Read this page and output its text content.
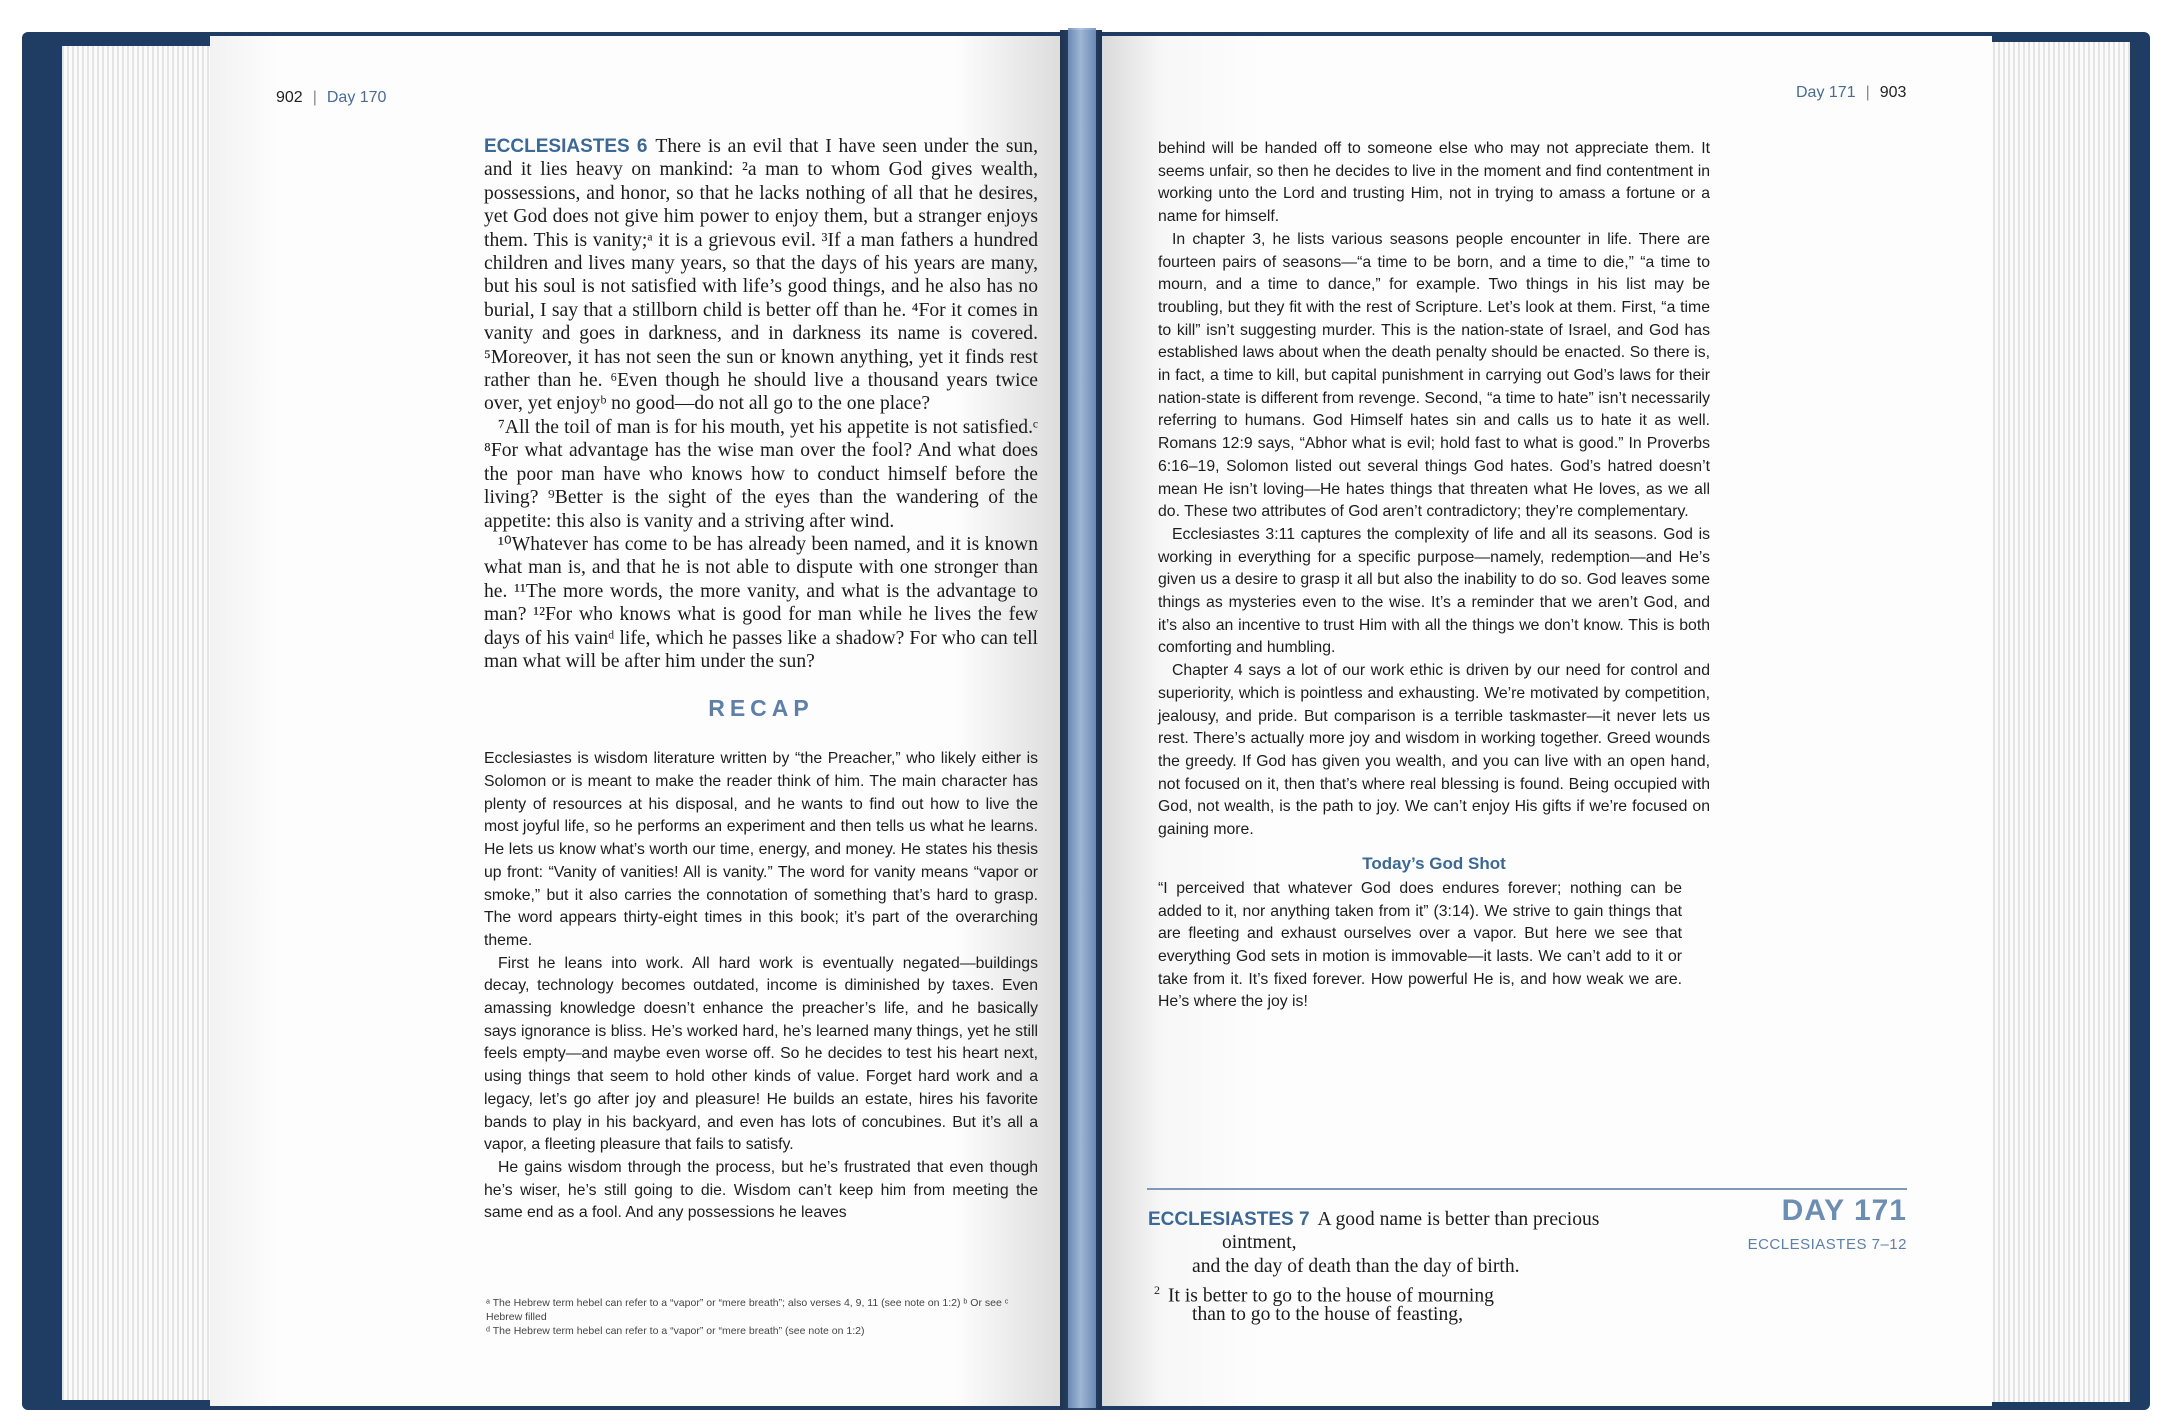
902 | Day 170

ECCLESIASTES 6 There is an evil that I have seen under the sun, and it lies heavy on mankind: ²a man to whom God gives wealth, possessions, and honor, so that he lacks nothing of all that he desires, yet God does not give him power to enjoy them, but a stranger enjoys them. This is vanity;ᵃ it is a grievous evil. ³If a man fathers a hundred children and lives many years, so that the days of his years are many, but his soul is not satisfied with life’s good things, and he also has no burial, I say that a stillborn child is better off than he. ⁴For it comes in vanity and goes in darkness, and in darkness its name is covered. ⁵Moreover, it has not seen the sun or known anything, yet it finds rest rather than he. ⁶Even though he should live a thousand years twice over, yet enjoyᵇ no good—do not all go to the one place?

⁷All the toil of man is for his mouth, yet his appetite is not satisfied.ᶜ ⁸For what advantage has the wise man over the fool? And what does the poor man have who knows how to conduct himself before the living? ⁹Better is the sight of the eyes than the wandering of the appetite: this also is vanity and a striving after wind.

¹⁰Whatever has come to be has already been named, and it is known what man is, and that he is not able to dispute with one stronger than he. ¹¹The more words, the more vanity, and what is the advantage to man? ¹²For who knows what is good for man while he lives the few days of his vainᵈ life, which he passes like a shadow? For who can tell man what will be after him under the sun?

RECAP

Ecclesiastes is wisdom literature written by “the Preacher,” who likely either is Solomon or is meant to make the reader think of him. The main character has plenty of resources at his disposal, and he wants to find out how to live the most joyful life, so he performs an experiment and then tells us what he learns. He lets us know what’s worth our time, energy, and money. He states his thesis up front: “Vanity of vanities! All is vanity.” The word for vanity means “vapor or smoke,” but it also carries the connotation of something that’s hard to grasp. The word appears thirty-eight times in this book; it’s part of the overarching theme.

First he leans into work. All hard work is eventually negated—buildings decay, technology becomes outdated, income is diminished by taxes. Even amassing knowledge doesn’t enhance the preacher’s life, and he basically says ignorance is bliss. He’s worked hard, he’s learned many things, yet he still feels empty—and maybe even worse off. So he decides to test his heart next, using things that seem to hold other kinds of value. Forget hard work and a legacy, let’s go after joy and pleasure! He builds an estate, hires his favorite bands to play in his backyard, and even has lots of concubines. But it’s all a vapor, a fleeting pleasure that fails to satisfy.

He gains wisdom through the process, but he’s frustrated that even though he’s wiser, he’s still going to die. Wisdom can’t keep him from meeting the same end as a fool. And any possessions he leaves

ᵃ The Hebrew term hebel can refer to a “vapor” or “mere breath”; also verses 4, 9, 11 (see note on 1:2) ᵇ Or see ᶜ Hebrew filled
ᵈ The Hebrew term hebel can refer to a “vapor” or “mere breath” (see note on 1:2)
Day 171 | 903

behind will be handed off to someone else who may not appreciate them. It seems unfair, so then he decides to live in the moment and find contentment in working unto the Lord and trusting Him, not in trying to amass a fortune or a name for himself.

In chapter 3, he lists various seasons people encounter in life. There are fourteen pairs of seasons—“a time to be born, and a time to die,” “a time to mourn, and a time to dance,” for example. Two things in his list may be troubling, but they fit with the rest of Scripture. Let’s look at them. First, “a time to kill” isn’t suggesting murder. This is the nation-state of Israel, and God has established laws about when the death penalty should be enacted. So there is, in fact, a time to kill, but capital punishment in carrying out God’s laws for their nation-state is different from revenge. Second, “a time to hate” isn’t necessarily referring to humans. God Himself hates sin and calls us to hate it as well. Romans 12:9 says, “Abhor what is evil; hold fast to what is good.” In Proverbs 6:16–19, Solomon listed out several things God hates. God’s hatred doesn’t mean He isn’t loving—He hates things that threaten what He loves, as we all do. These two attributes of God aren’t contradictory; they’re complementary.

Ecclesiastes 3:11 captures the complexity of life and all its seasons. God is working in everything for a specific purpose—namely, redemption—and He’s given us a desire to grasp it all but also the inability to do so. God leaves some things as mysteries even to the wise. It’s a reminder that we aren’t God, and it’s also an incentive to trust Him with all the things we don’t know. This is both comforting and humbling.

Chapter 4 says a lot of our work ethic is driven by our need for control and superiority, which is pointless and exhausting. We’re motivated by competition, jealousy, and pride. But comparison is a terrible taskmaster—it never lets us rest. There’s actually more joy and wisdom in working together. Greed wounds the greedy. If God has given you wealth, and you can live with an open hand, not focused on it, then that’s where real blessing is found. Being occupied with God, not wealth, is the path to joy. We can’t enjoy His gifts if we’re focused on gaining more.

Today’s God Shot
“I perceived that whatever God does endures forever; nothing can be added to it, nor anything taken from it” (3:14). We strive to gain things that are fleeting and exhaust ourselves over a vapor. But here we see that everything God sets in motion is immovable—it lasts. We can’t add to it or take from it. It’s fixed forever. How powerful He is, and how weak we are. He’s where the joy is!
DAY 171
ECCLESIASTES 7–12
ECCLESIASTES 7 A good name is better than precious
ointment,
and the day of death than the day of birth.
$^2$ It is better to go to the house of mourning
than to go to the house of feasting,
